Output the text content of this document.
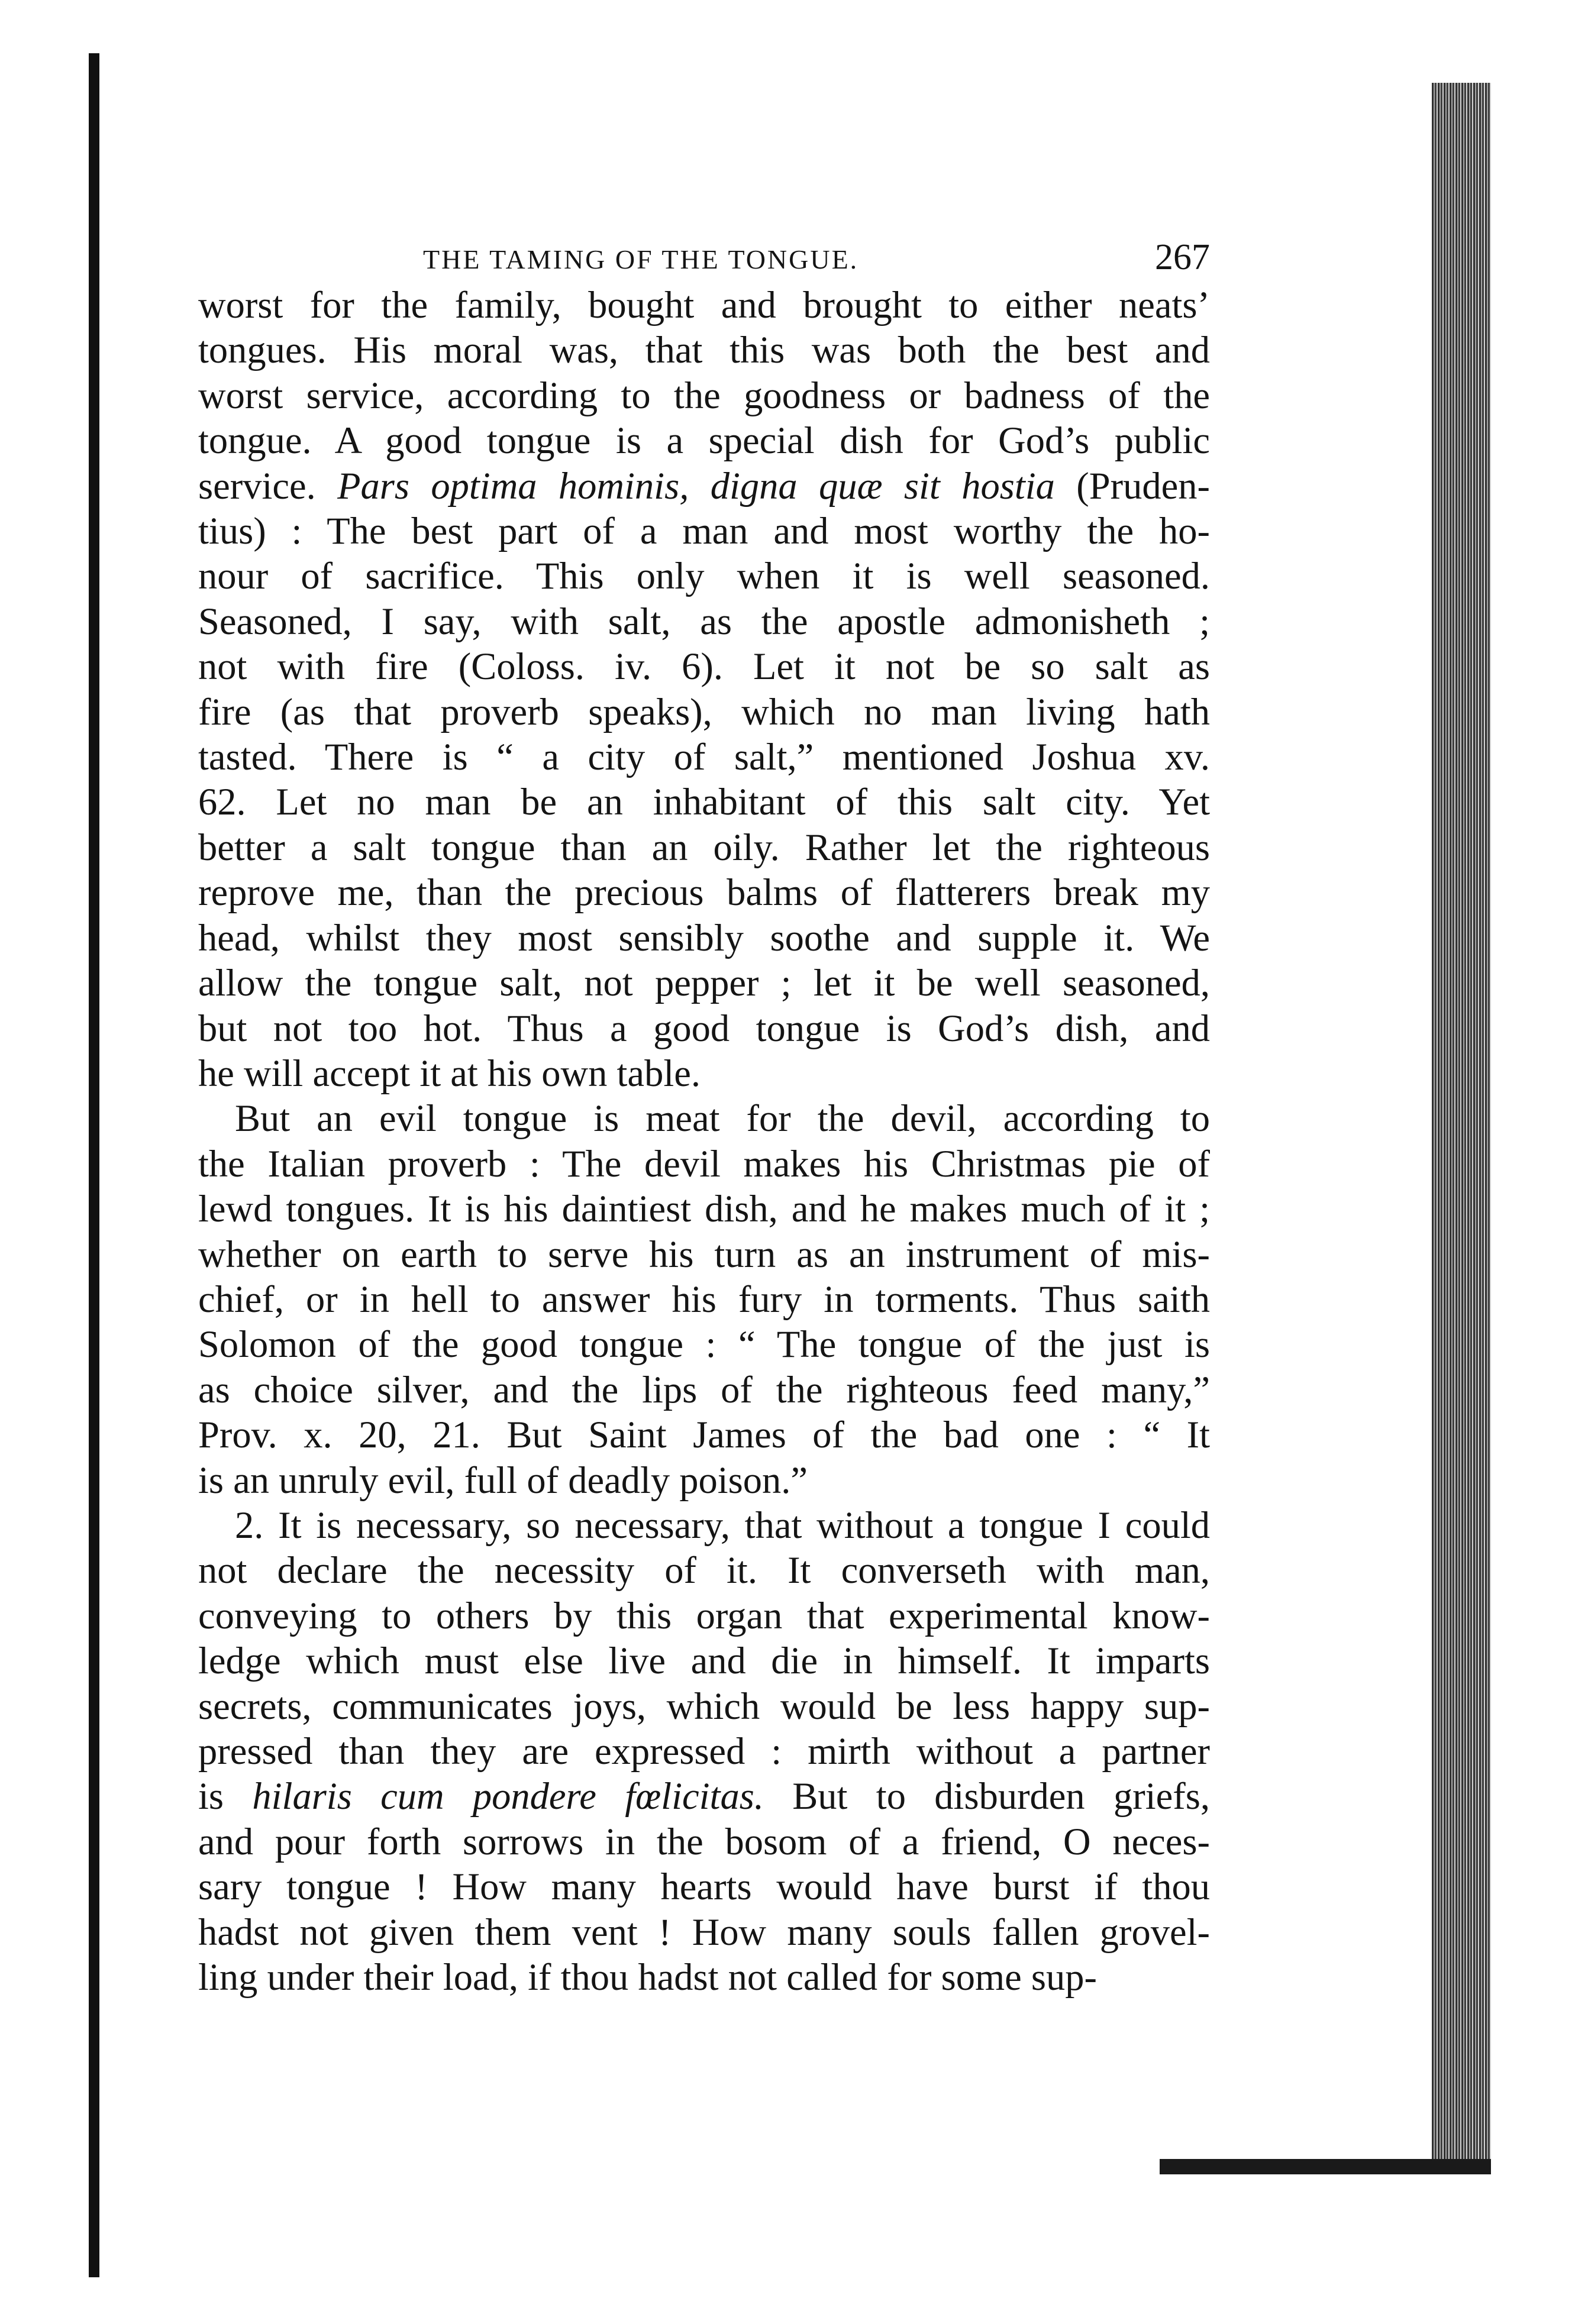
THE TAMING OF THE TONGUE.	267
worst for the family, bought and brought to either neats’
tongues. His moral was, that this was both the best and
worst service, according to the goodness or badness of the
tongue. A good tongue is a special dish for God’s public
service. Pars optima hominis, digna quæ sit hostia (Pruden-
tius) : The best part of a man and most worthy the ho-
nour of sacrifice. This only when it is well seasoned.
Seasoned, I say, with salt, as the apostle admonisheth ;
not with fire (Coloss. iv. 6). Let it not be so salt as
fire (as that proverb speaks), which no man living hath
tasted. There is “ a city of salt,” mentioned Joshua xv.
62. Let no man be an inhabitant of this salt city. Yet
better a salt tongue than an oily. Rather let the righteous
reprove me, than the precious balms of flatterers break my
head, whilst they most sensibly soothe and supple it. We
allow the tongue salt, not pepper ; let it be well seasoned,
but not too hot. Thus a good tongue is God’s dish, and
he will accept it at his own table.
But an evil tongue is meat for the devil, according to
the Italian proverb : The devil makes his Christmas pie of
lewd tongues. It is his daintiest dish, and he makes much of it ;
whether on earth to serve his turn as an instrument of mis-
chief, or in hell to answer his fury in torments. Thus saith
Solomon of the good tongue : “ The tongue of the just is
as choice silver, and the lips of the righteous feed many,”
Prov. x. 20, 21. But Saint James of the bad one : “ It
is an unruly evil, full of deadly poison.”
2. It is necessary, so necessary, that without a tongue I could
not declare the necessity of it. It converseth with man,
conveying to others by this organ that experimental know-
ledge which must else live and die in himself. It imparts
secrets, communicates joys, which would be less happy sup-
pressed than they are expressed : mirth without a partner
is hilaris cum pondere fœlicitas. But to disburden griefs,
and pour forth sorrows in the bosom of a friend, O neces-
sary tongue ! How many hearts would have burst if thou
hadst not given them vent ! How many souls fallen grovel-
ling under their load, if thou hadst not called for some sup-
